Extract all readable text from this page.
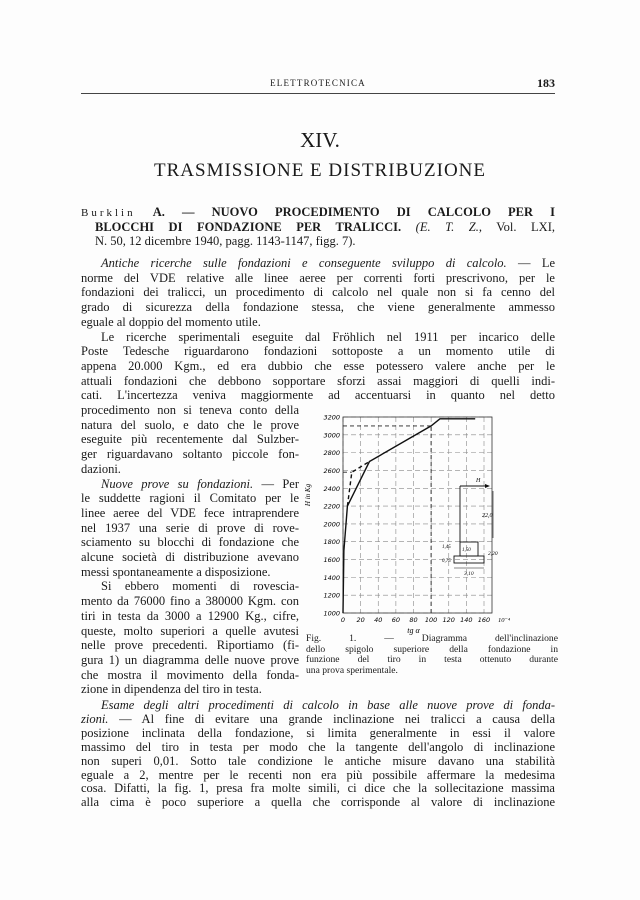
ELETTROTECNICA	183
XIV.
TRASMISSIONE E DISTRIBUZIONE
Burklin A. — NUOVO PROCEDIMENTO DI CALCOLO PER I
BLOCCHI DI FONDAZIONE PER TRALICCI. (E. T. Z., Vol. LXI,
N. 50, 12 dicembre 1940, pagg. 1143-1147, figg. 7).
Antiche ricerche sulle fondazioni e conseguente sviluppo di calcolo. — Le
norme del VDE relative alle linee aeree per correnti forti prescrivono, per le
fondazioni dei tralicci, un procedimento di calcolo nel quale non si fa cenno del
grado di sicurezza della fondazione stessa, che viene generalmente ammesso
eguale al doppio del momento utile.
Le ricerche sperimentali eseguite dal Fröhlich nel 1911 per incarico delle
Poste Tedesche riguardarono fondazioni sottoposte a un momento utile di
appena 20.000 Kgm., ed era dubbio che esse potessero valere anche per le
attuali fondazioni che debbono sopportare sforzi assai maggiori di quelli indi-
cati. L'incertezza veniva maggiormente ad accentuarsi in quanto nel detto
procedimento non si teneva conto della
natura del suolo, e dato che le prove
eseguite più recentemente dal Sulzber-
ger riguardavano soltanto piccole fon-
dazioni.
Nuove prove su fondazioni. — Per
le suddette ragioni il Comitato per le
linee aeree del VDE fece intraprendere
nel 1937 una serie di prove di rove-
sciamento su blocchi di fondazione che
alcune società di distribuzione avevano
messi spontaneamente a disposizione.
Si ebbero momenti di rovescia-
mento da 76000 fino a 380000 Kgm. con
tiri in testa da 3000 a 12900 Kg., cifre,
queste, molto superiori a quelle avutesi
nelle prove precedenti. Riportiamo (fi-
gura 1) un diagramma delle nuove prove
che mostra il movimento della fonda-
zione in dipendenza del tiro in testa.
Esame degli altri procedimenti di calcolo in base alle nuove prove di fonda-
zioni. — Al fine di evitare una grande inclinazione nei tralicci a causa della
posizione inclinata della fondazione, si limita generalmente in essi il valore
massimo del tiro in testa per modo che la tangente dell'angolo di inclinazione
non superi 0,01. Sotto tale condizione le antiche misure davano una stabilità
eguale a 2, mentre per le recenti non era più possibile affermare la medesima
cosa. Difatti, la fig. 1, presa fra molte simili, ci dice che la sollecitazione massima
alla cima è poco superiore a quella che corrisponde al valore di inclinazione
0 20 40 60 80 100 120 140 160
1000
1200
1400
1600
1800
2000
2200
2400
2600
2800
3000
3200
10⁻⁴
tg α
H in Kg
H
22,0
1,50
2,20
1,45
0,75
3,10
Fig. 1. — Diagramma dell'inclinazione
dello spigolo superiore della fondazione in
funzione del tiro in testa ottenuto durante
una prova sperimentale.
